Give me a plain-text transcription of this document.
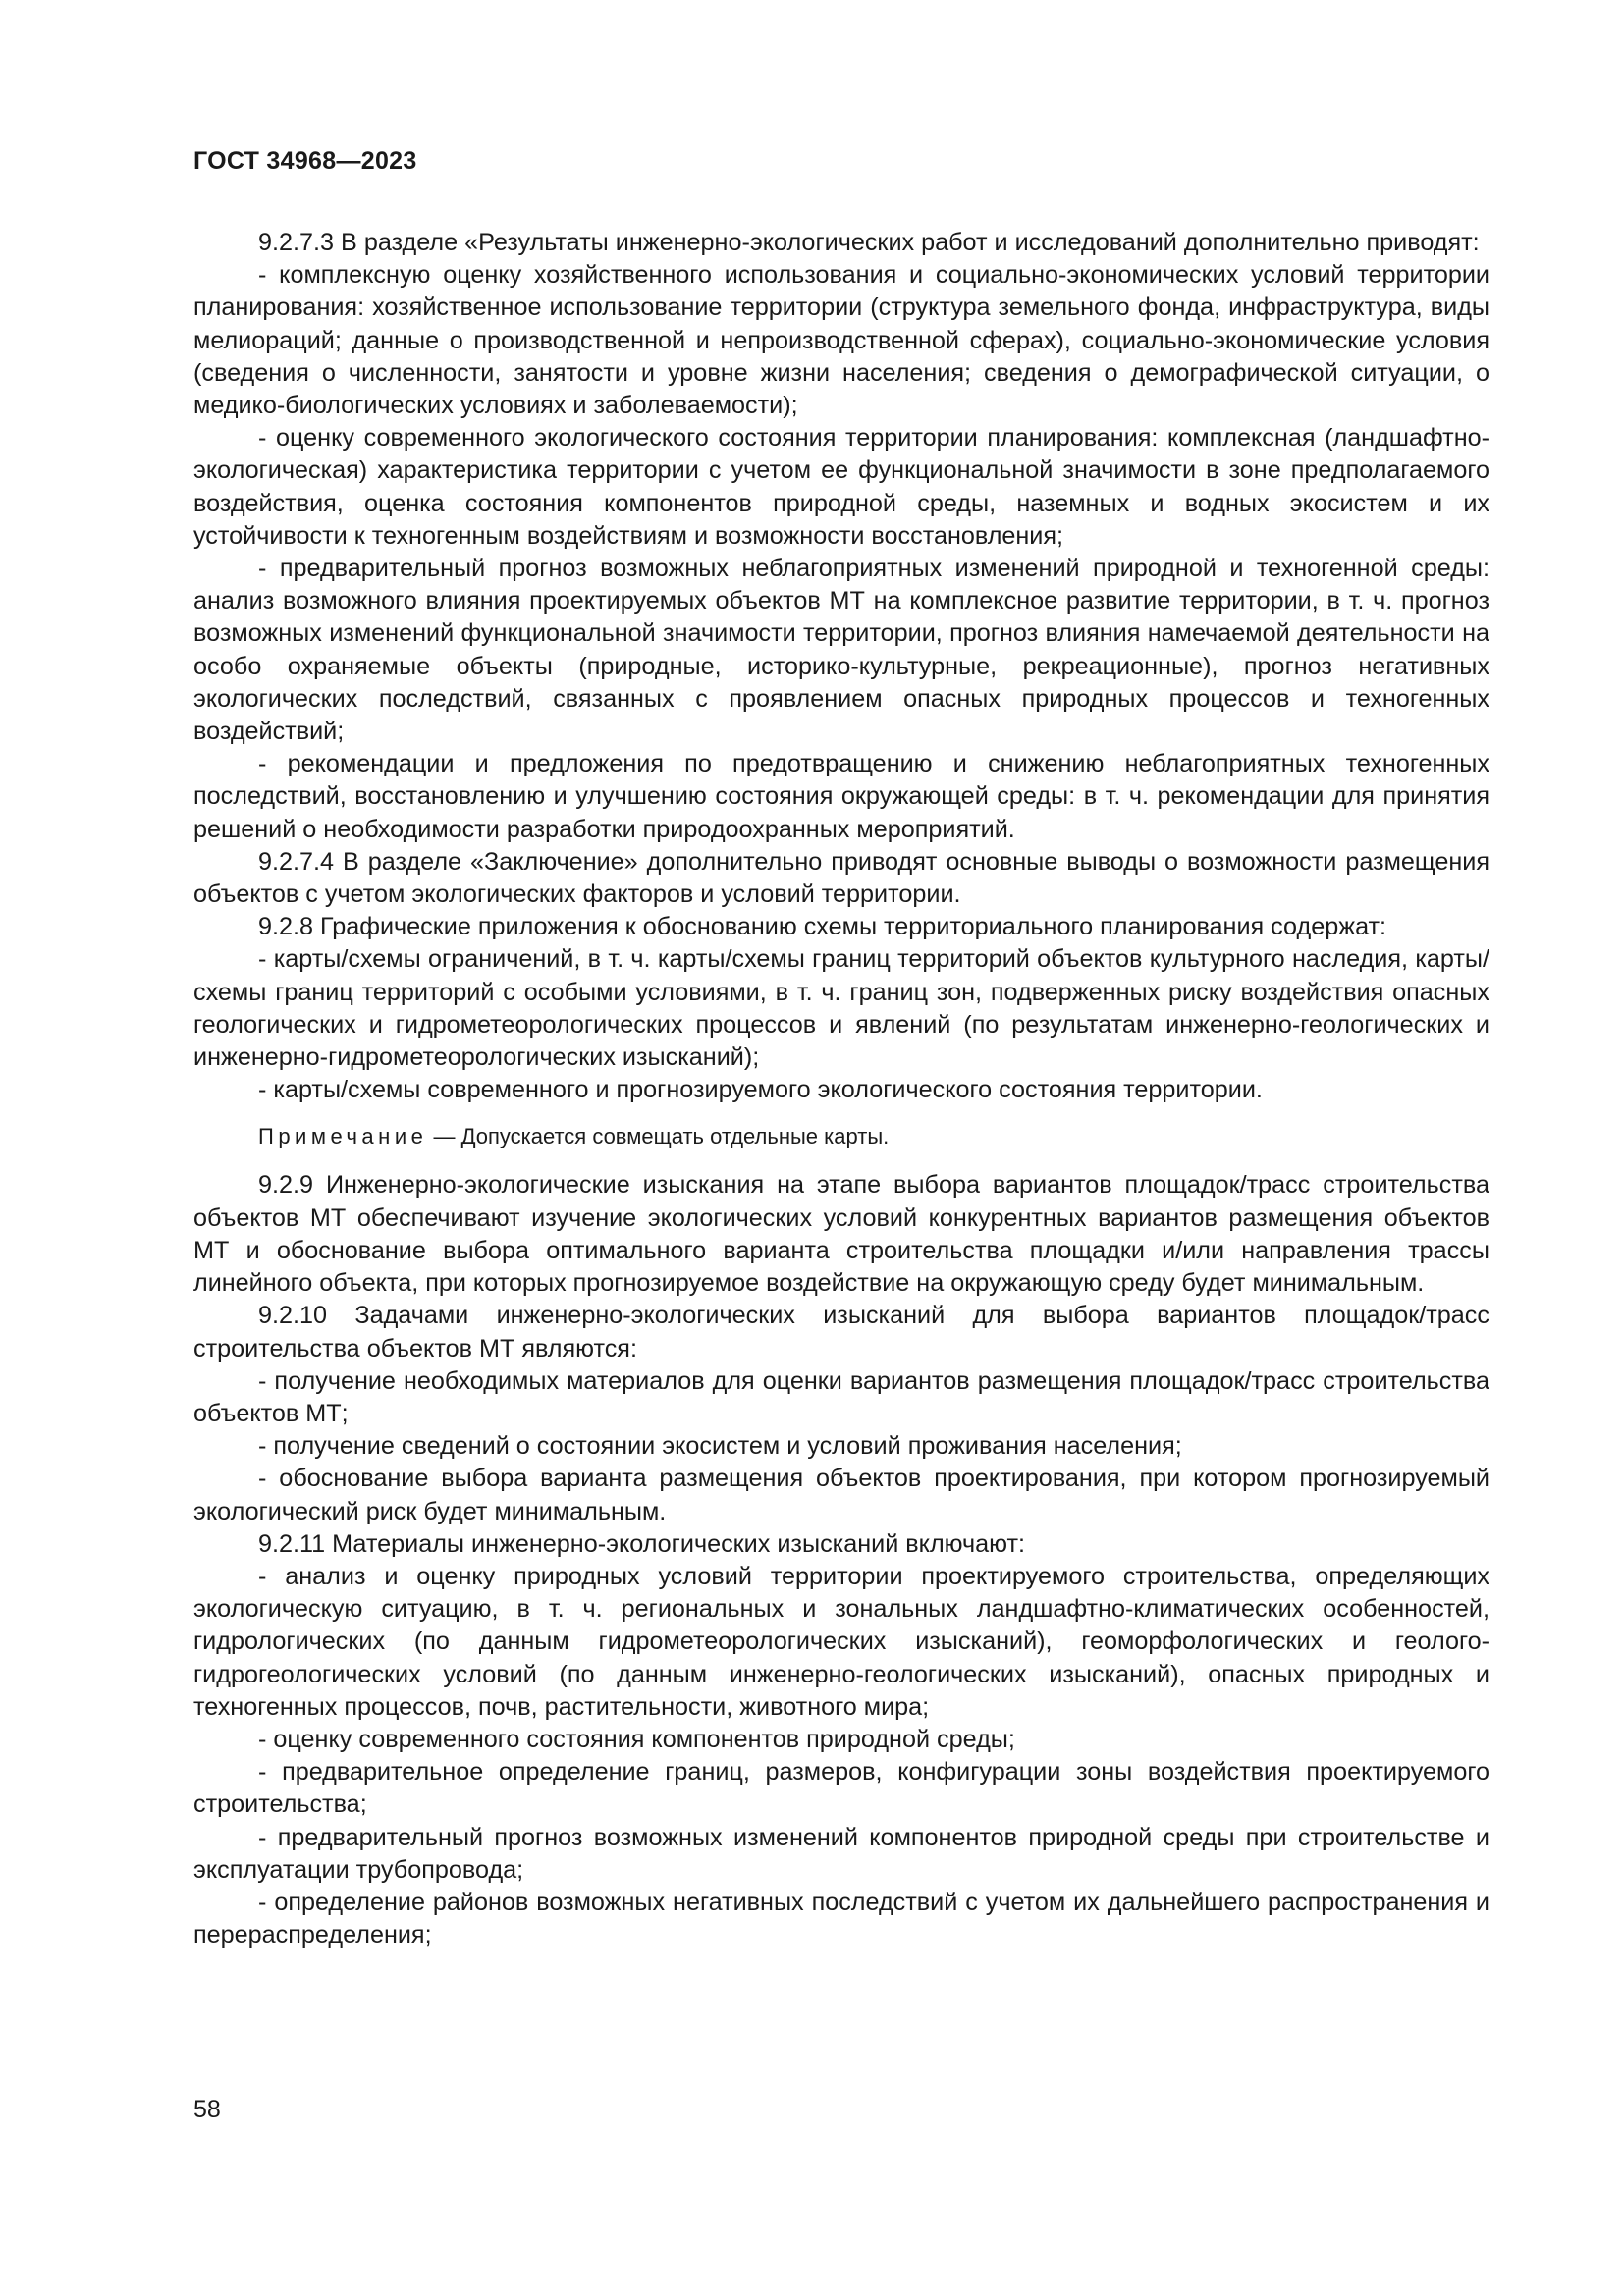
ГОСТ 34968—2023

9.2.7.3 В разделе «Результаты инженерно-экологических работ и исследований дополнительно приводят:

- комплексную оценку хозяйственного использования и социально-экономических условий территории планирования: хозяйственное использование территории (структура земельного фонда, инфраструктура, виды мелиораций; данные о производственной и непроизводственной сферах), социально-экономические условия (сведения о численности, занятости и уровне жизни населения; сведения о демографической ситуации, о медико-биологических условиях и заболеваемости);

- оценку современного экологического состояния территории планирования: комплексная (ландшафтно-экологическая) характеристика территории с учетом ее функциональной значимости в зоне предполагаемого воздействия, оценка состояния компонентов природной среды, наземных и водных экосистем и их устойчивости к техногенным воздействиям и возможности восстановления;

- предварительный прогноз возможных неблагоприятных изменений природной и техногенной среды: анализ возможного влияния проектируемых объектов МТ на комплексное развитие территории, в т. ч. прогноз возможных изменений функциональной значимости территории, прогноз влияния намечаемой деятельности на особо охраняемые объекты (природные, историко-культурные, рекреационные), прогноз негативных экологических последствий, связанных с проявлением опасных природных процессов и техногенных воздействий;

- рекомендации и предложения по предотвращению и снижению неблагоприятных техногенных последствий, восстановлению и улучшению состояния окружающей среды: в т. ч. рекомендации для принятия решений о необходимости разработки природоохранных мероприятий.

9.2.7.4 В разделе «Заключение» дополнительно приводят основные выводы о возможности размещения объектов с учетом экологических факторов и условий территории.

9.2.8 Графические приложения к обоснованию схемы территориального планирования содержат:

- карты/схемы ограничений, в т. ч. карты/схемы границ территорий объектов культурного наследия, карты/схемы границ территорий с особыми условиями, в т. ч. границ зон, подверженных риску воздействия опасных геологических и гидрометеорологических процессов и явлений (по результатам инженерно-геологических и инженерно-гидрометеорологических изысканий);

- карты/схемы современного и прогнозируемого экологического состояния территории.

Примечание — Допускается совмещать отдельные карты.

9.2.9 Инженерно-экологические изыскания на этапе выбора вариантов площадок/трасс строительства объектов МТ обеспечивают изучение экологических условий конкурентных вариантов размещения объектов МТ и обоснование выбора оптимального варианта строительства площадки и/или направления трассы линейного объекта, при которых прогнозируемое воздействие на окружающую среду будет минимальным.

9.2.10 Задачами инженерно-экологических изысканий для выбора вариантов площадок/трасс строительства объектов МТ являются:

- получение необходимых материалов для оценки вариантов размещения площадок/трасс строительства объектов МТ;

- получение сведений о состоянии экосистем и условий проживания населения;

- обоснование выбора варианта размещения объектов проектирования, при котором прогнозируемый экологический риск будет минимальным.

9.2.11 Материалы инженерно-экологических изысканий включают:

- анализ и оценку природных условий территории проектируемого строительства, определяющих экологическую ситуацию, в т. ч. региональных и зональных ландшафтно-климатических особенностей, гидрологических (по данным гидрометеорологических изысканий), геоморфологических и геолого-гидрогеологических условий (по данным инженерно-геологических изысканий), опасных природных и техногенных процессов, почв, растительности, животного мира;

- оценку современного состояния компонентов природной среды;

- предварительное определение границ, размеров, конфигурации зоны воздействия проектируемого строительства;

- предварительный прогноз возможных изменений компонентов природной среды при строительстве и эксплуатации трубопровода;

- определение районов возможных негативных последствий с учетом их дальнейшего распространения и перераспределения;

58
